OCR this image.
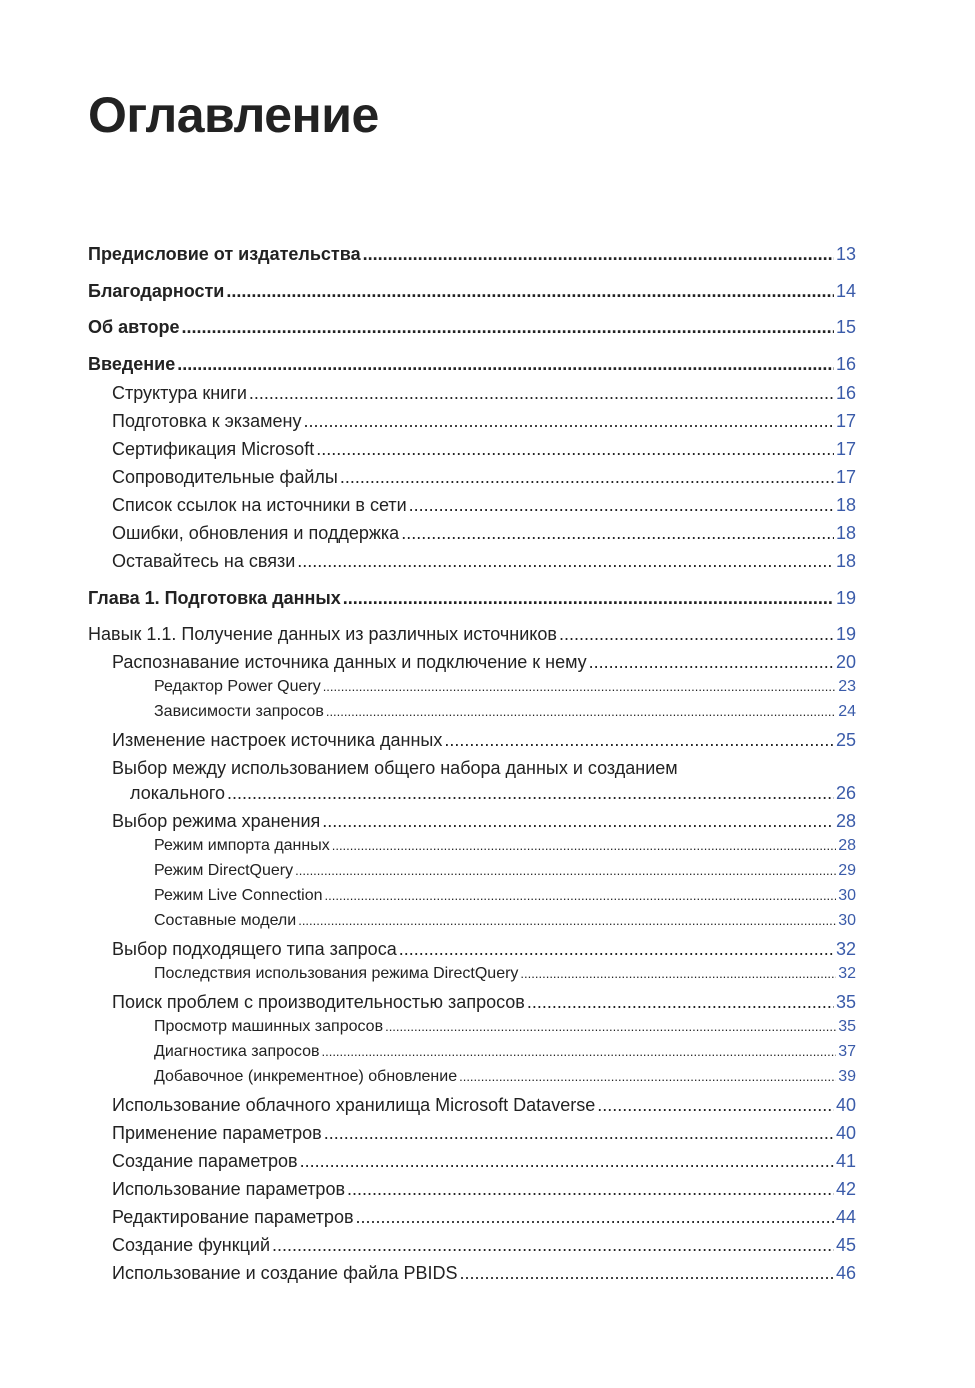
Оглавление
Предисловие от издательства .....	13
Благодарности .....	14
Об авторе .....	15
Введение .....	16
Структура книги .....	16
Подготовка к экзамену .....	17
Сертификация Microsoft .....	17
Сопроводительные файлы .....	17
Список ссылок на источники в сети .....	18
Ошибки, обновления и поддержка .....	18
Оставайтесь на связи .....	18
Глава 1. Подготовка данных .....	19
Навык 1.1. Получение данных из различных источников .....	19
Распознавание источника данных и подключение к нему .....	20
Редактор Power Query .....	23
Зависимости запросов .....	24
Изменение настроек источника данных .....	25
Выбор между использованием общего набора данных и созданием
локального .....	26
Выбор режима хранения .....	28
Режим импорта данных .....	28
Режим DirectQuery .....	29
Режим Live Connection .....	30
Составные модели .....	30
Выбор подходящего типа запроса .....	32
Последствия использования режима DirectQuery .....	32
Поиск проблем с производительностью запросов .....	35
Просмотр машинных запросов .....	35
Диагностика запросов .....	37
Добавочное (инкрементное) обновление .....	39
Использование облачного хранилища Microsoft Dataverse .....	40
Применение параметров .....	40
Создание параметров .....	41
Использование параметров .....	42
Редактирование параметров .....	44
Создание функций .....	45
Использование и создание файла PBIDS .....	46
